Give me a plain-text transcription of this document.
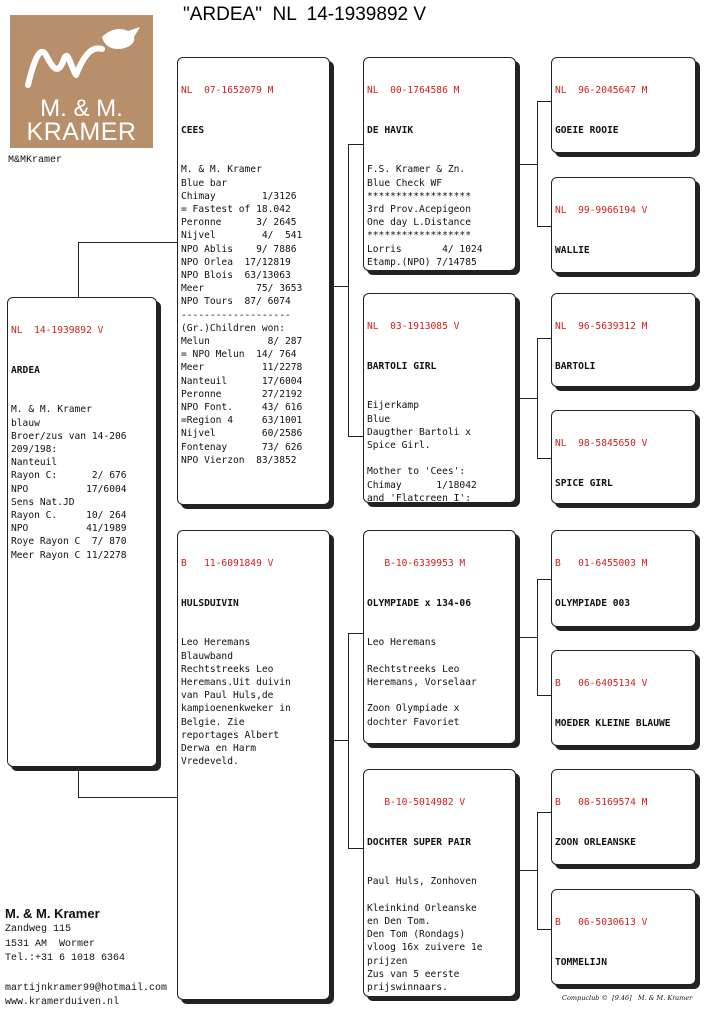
"ARDEA"  NL  14-1939892 V
M. & M.
KRAMER
M&MKramer

NL  14-1939892 V

ARDEA

M. & M. Kramer
blauw
Broer/zus van 14-206
209/198:
Nanteuil
Rayon C:      2/ 676
NPO          17/6004
Sens Nat.JD
Rayon C.     10/ 264
NPO          41/1989
Roye Rayon C  7/ 870
Meer Rayon C 11/2278

NL  07-1652079 M

CEES

M. & M. Kramer
Blue bar
Chimay        1/3126
= Fastest of 18.042
Peronne      3/ 2645
Nijvel        4/  541
NPO Ablis    9/ 7886
NPO Orlea  17/12819
NPO Blois  63/13063
Meer         75/ 3653
NPO Tours  87/ 6074
-------------------
(Gr.)Children won:
Melun          8/ 287
= NPO Melun  14/ 764
Meer          11/2278
Nanteuil      17/6004
Peronne       27/2192
NPO Font.     43/ 616
=Region 4     63/1001
Nijvel        60/2586
Fontenay      73/ 626
NPO Vierzon  83/3852

B   11-6091849 V

HULSDUIVIN

Leo Heremans
Blauwband
Rechtstreeks Leo
Heremans.Uit duivin
van Paul Huls,de
kampioenenkweker in
Belgie. Zie
reportages Albert
Derwa en Harm
Vredeveld.

NL  00-1764586 M

DE HAVIK

F.S. Kramer & Zn.
Blue Check WF
******************
3rd Prov.Acepigeon
One day L.Distance
******************
Lorris       4/ 1024
Etamp.(NPO) 7/14785

NL  03-1913085 V

BARTOLI GIRL

Eijerkamp
Blue
Daugther Bartoli x
Spice Girl.

Mother to 'Cees':
Chimay      1/18042
and 'Flatcreen I':

B-10-6339953 M

OLYMPIADE x 134-06

Leo Heremans

Rechtstreeks Leo
Heremans, Vorselaar

Zoon Olympiade x
dochter Favoriet

B-10-5014982 V

DOCHTER SUPER PAIR

Paul Huls, Zonhoven

Kleinkind Orleanske
en Den Tom.
Den Tom (Rondags)
vloog 16x zuivere 1e
prijzen
Zus van 5 eerste
prijswinnaars.

NL  96-2045647 M

GOEIE ROOIE

NL  99-9966194 V

WALLIE

NL  96-5639312 M

BARTOLI

NL  98-5845650 V

SPICE GIRL

B   01-6455003 M

OLYMPIADE 003

B   06-6405134 V

MOEDER KLEINE BLAUWE

B   08-5169574 M

ZOON ORLEANSKE

B   06-5030613 V

TOMMELIJN

M. & M. Kramer
Zandweg 115
1531 AM  Wormer
Tel.:+31 6 1018 6364
martijnkramer99@hotmail.com
www.kramerduiven.nl	Compuclub ©  [9.46]   M. & M. Kramer
